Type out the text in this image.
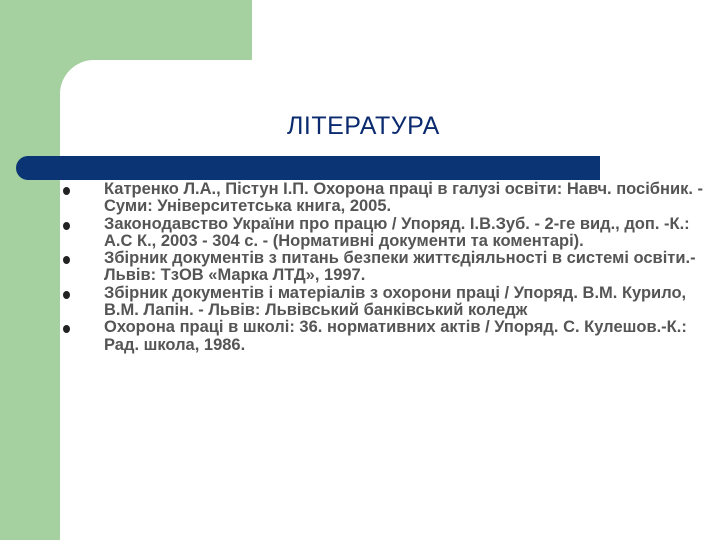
ЛІТЕРАТУРА
Катренко Л.А., Пістун І.П. Охорона праці в галузі освіти: Навч. посібник. - Суми: Університетська книга, 2005.
Законодавство України про працю / Упоряд. І.В.Зуб. - 2-ге вид., доп. -К.: А.С К., 2003 - 304 с. - (Нормативні документи та коментарі).
Збірник документів з питань безпеки життєдіяльності в системі освіти.- Львів: ТзОВ «Марка ЛТД», 1997.
Збірник документів і матеріалів з охорони праці / Упоряд. В.М. Курило, В.М. Лапін. - Львів: Львівський банківський коледж
Охорона праці в школі: 36. нормативних актів / Упоряд. С. Кулешов.-К.: Рад. школа, 1986.
